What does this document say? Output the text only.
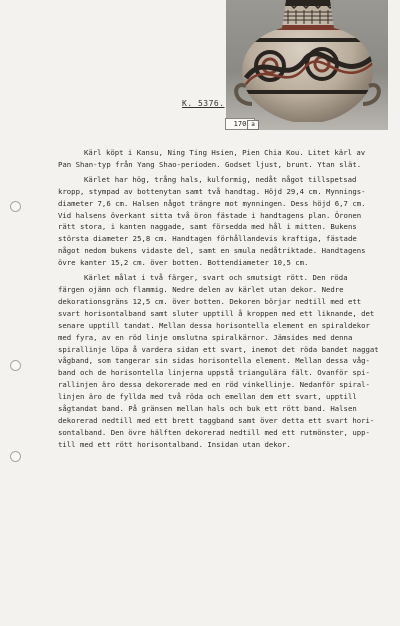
170 a
K. 5376.

Kärl köpt i Kansu, Ning Ting Hsien, Pien Chia Kou. Litet kärl av
Pan Shan-typ från Yang Shao-perioden. Godset ljust, brunt. Ytan slät.

Kärlet har hög, trång hals, kulformig, nedåt något tillspetsad
kropp, stympad av bottenytan samt två handtag. Höjd 29,4 cm. Mynnings-
diameter 7,6 cm. Halsen något trängre mot mynningen. Dess höjd 6,7 cm.
Vid halsens överkant sitta två öron fästade i handtagens plan. Öronen
rätt stora, i kanten naggade, samt försedda med hål i mitten. Bukens
största diameter 25,8 cm. Handtagen förhållandevis kraftiga, fästade
något nedom bukens vidaste del, samt en smula nedåtriktade. Handtagens
övre kanter 15,2 cm. över botten. Bottendiameter 10,5 cm.

Kärlet målat i två färger, svart och smutsigt rött. Den röda
färgen ojämn och flammig. Nedre delen av kärlet utan dekor. Nedre
dekorationsgräns 12,5 cm. över botten. Dekoren börjar nedtill med ett
svart horisontalband samt sluter upptill å kroppen med ett liknande, det
senare upptill tandat. Mellan dessa horisontella element en spiraldekor
med fyra, av en röd linje omslutna spiralkärnor. Jämsides med denna
spirallinje löpa å vardera sidan ett svart, inemot det röda bandet naggat
vågband, som tangerar sin sidas horisontella element. Mellan dessa våg-
band och de horisontella linjerna uppstå triangulära fält. Ovanför spi-
rallinjen äro dessa dekorerade med en röd vinkellinje. Nedanför spiral-
linjen äro de fyllda med två röda och emellan dem ett svart, upptill
sågtandat band. På gränsen mellan hals och buk ett rött band. Halsen
dekorerad nedtill med ett brett taggband samt över detta ett svart hori-
sontalband. Den övre hälften dekorerad nedtill med ett rutmönster, upp-
till med ett rött horisontalband. Insidan utan dekor.
